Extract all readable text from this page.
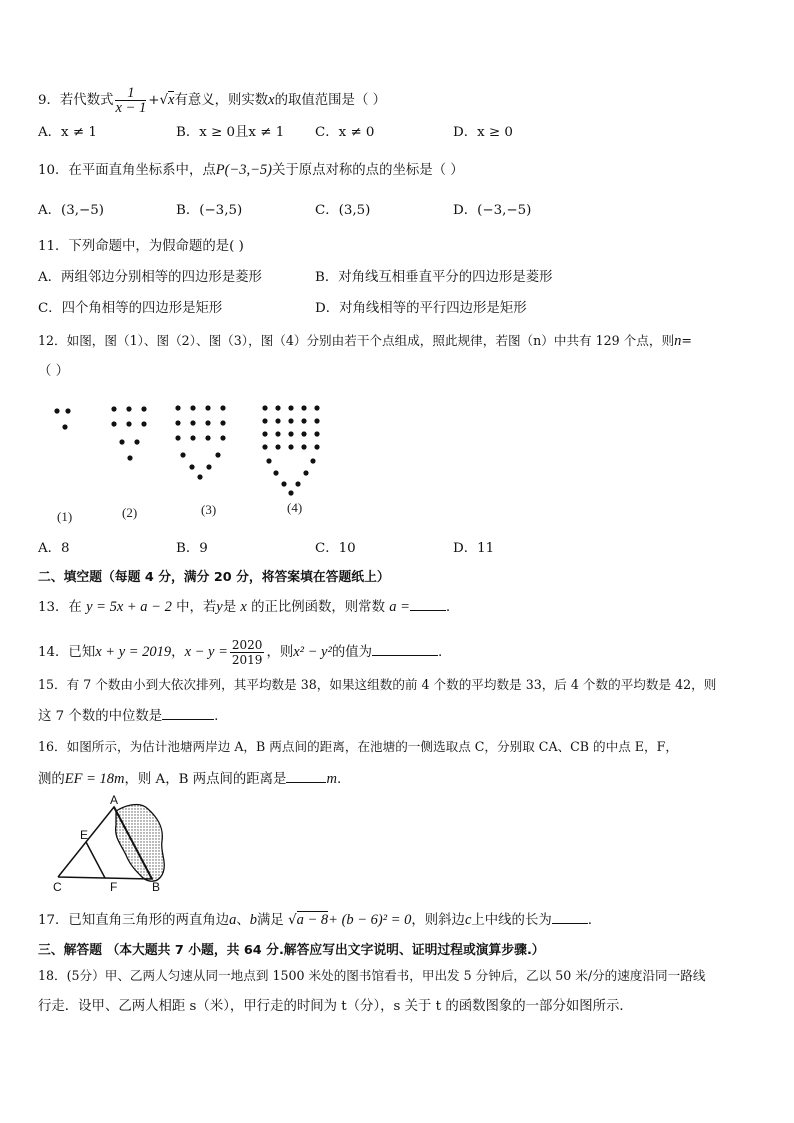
9．若代数式 $\frac{1}{x - 1} +√x$有意义，则实数x的取值范围是（ ）
A．x ≠ 1	B．x ≥ 0且x ≠ 1 C．x ≠ 0	D．x ≥ 0
10．在平面直角坐标系中，点P(−3,−5)关于原点对称的点的坐标是（ ）
A．(3,−5)	B．(−3,5)	C．(3,5)	D．(−3,−5)
11．下列命题中，为假命题的是( )
A．两组邻边分别相等的四边形是菱形	B．对角线互相垂直平分的四边形是菱形
C．四个角相等的四边形是矩形	D．对角线相等的平行四边形是矩形
12．如图，图（1）、图（2）、图（3），图（4）分别由若干个点组成，照此规律，若图（n）中共有 129 个点，则n=
（ ）
(1)	(2)	(3)	(4)
A．8	B．9	C．10	D．11
二、填空题（每题 4 分，满分 20 分，将答案填在答题纸上）
13．在 y = 5x + a − 2 中，若y是 x 的正比例函数，则常数 a =	.
14．已知x + y = 2019，$x - y = \frac{2020}{2019}$ ，则x² − y²的值为	.
15．有 7 个数由小到大依次排列，其平均数是 38，如果这组数的前 4 个数的平均数是 33，后 4 个数的平均数是 42，则
这 7 个数的中位数是	.
16．如图所示，为估计池塘两岸边 A，B 两点间的距离，在池塘的一侧选取点 C，分别取 CA、CB 的中点 E，F，
测的EF = 18m，则 A，B 两点间的距离是	m.
A
E
C	F	B
17．已知直角三角形的两直角边a、b满足 √a − 8+ (b − 6)² = 0，则斜边c上中线的长为	.
三、解答题 （本大题共 7 小题，共 64 分.解答应写出文字说明、证明过程或演算步骤.）
18．(5分）甲、乙两人匀速从同一地点到 1500 米处的图书馆看书，甲出发 5 分钟后，乙以 50 米/分的速度沿同一路线
行走．设甲、乙两人相距 s（米），甲行走的时间为 t（分），s 关于 t 的函数图象的一部分如图所示．
